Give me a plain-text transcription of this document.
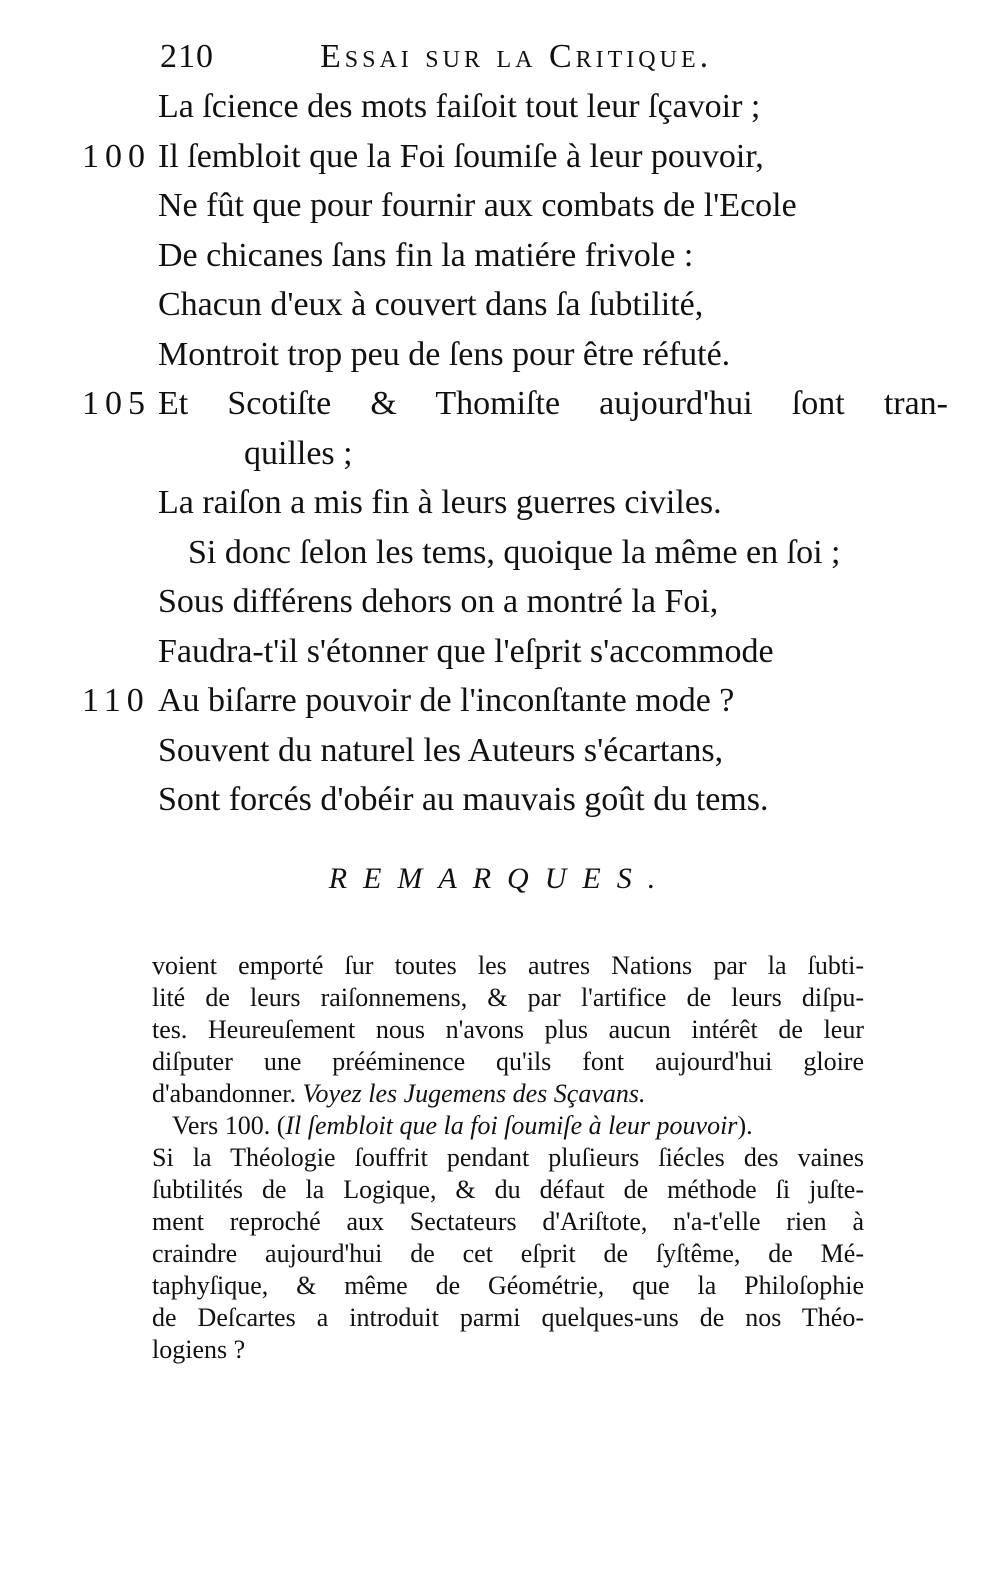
210	Essai sur la Critique.
La ſcience des mots faiſoit tout leur ſçavoir ;
100 Il ſembloit que la Foi ſoumiſe à leur pouvoir,
Ne fût que pour fournir aux combats de l'Ecole
De chicanes ſans fin la matiére frivole :
Chacun d'eux à couvert dans ſa ſubtilité,
Montroit trop peu de ſens pour être réfuté.
105 Et Scotiſte & Thomiſte aujourd'hui ſont tran-
quilles ;
La raiſon a mis fin à leurs guerres civiles.
Si donc ſelon les tems, quoique la même en ſoi ;
Sous différens dehors on a montré la Foi,
Faudra-t'il s'étonner que l'eſprit s'accommode
110 Au biſarre pouvoir de l'inconſtante mode ?
Souvent du naturel les Auteurs s'écartans,
Sont forcés d'obéir au mauvais goût du tems.
REMARQUES.
voient emporté ſur toutes les autres Nations par la ſubti-
lité de leurs raiſonnemens, & par l'artifice de leurs diſpu-
tes. Heureuſement nous n'avons plus aucun intérêt de leur
diſputer une prééminence qu'ils font aujourd'hui gloire
d'abandonner. Voyez les Jugemens des Sçavans.
Vers 100. (Il ſembloit que la foi ſoumiſe à leur pouvoir).
Si la Théologie ſouffrit pendant pluſieurs ſiécles des vaines
ſubtilités de la Logique, & du défaut de méthode ſi juſte-
ment reproché aux Sectateurs d'Ariſtote, n'a-t'elle rien à
craindre aujourd'hui de cet eſprit de ſyſtême, de Mé-
taphyſique, & même de Géométrie, que la Philoſophie
de Deſcartes a introduit parmi quelques-uns de nos Théo-
logiens ?
